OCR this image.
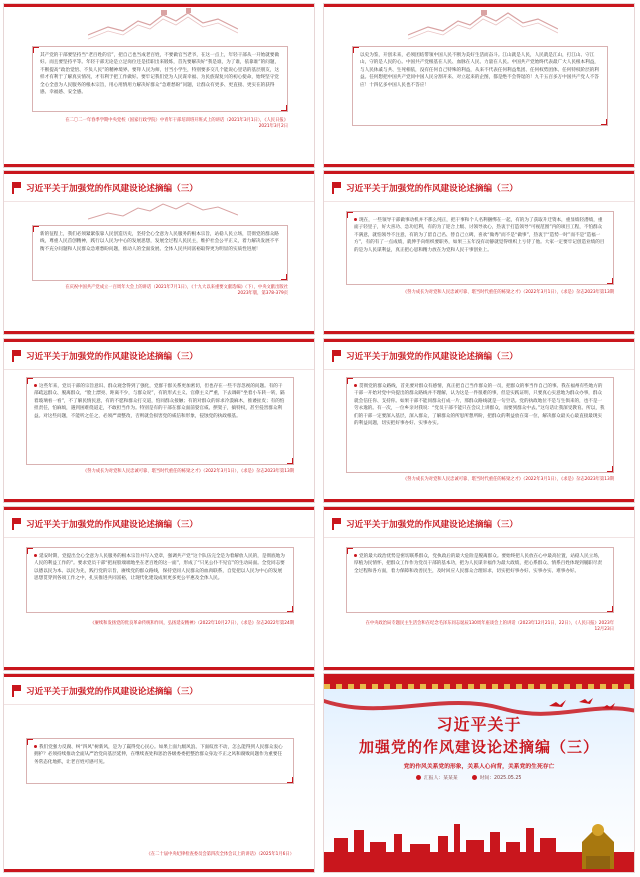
其产党的干部要坚持当“老百姓的官”，把自己也当成老百姓，不要做官当老爷，在这一点上，年轻干部从一开始就要做好。而且要坚持平等。年轻干部无论是立足岗位还是挂职出来锻炼，首先要解决好“我是谁，为了谁，依靠谁”的问题，不断提高“政治觉悟、不负人民”的精神境界。要拜人民为师，甘当小学生，特别要多交几个能说心里话的基层朋友，这样才有利于了解真实情况，才有利于把工作做好。要牢记我们党为人民谋幸福、为民族谋复兴的初心使命，始终坚守党全心全意为人民服务的根本宗旨，用心用情用力解决好群众“急难愁盼”问题，让群众有更多、更直接、更实在的获得感、幸福感、安全感。
在二〇二一年春季学期中央党校（国家行政学院）中青年干部培训班开班式上的讲话（2021年3月1日），《人民日报》2021年3月2日
以史为鉴，开创未来，必须团结带领中国人民不断为美好生活而奋斗。江山就是人民，人民就是江山，打江山、守江山，守的是人民的心。中国共产党根基在人民、血脉在人民、力量在人民。中国共产党始终代表最广大人民根本利益，与人民休戚与共、生死相依，没有任何自己特殊的利益，从来不代表任何利益集团、任何权势团体、任何特权阶层的利益。任何想把中国共产党同中国人民分割开来、对立起来的企图，都是绝不会得逞的！九千五百多万中国共产党人不答应！十四亿多中国人民也不答应！
习近平关于加强党的作风建设论述摘编（三）
新的征程上，我们必须紧紧依靠人民创造历史，坚持全心全意为人民服务的根本宗旨，站稳人民立场，贯彻党的群众路线，尊重人民首创精神，践行以人民为中心的发展思想，发展全过程人民民主，维护社会公平正义，着力解决发展不平衡不充分问题和人民群众急难愁盼问题，推动人的全面发展、全体人民共同富裕取得更为明显的实质性进展！
在庆祝中国共产党成立一百周年大会上的讲话（2021年7月1日），《十九大以来重要文献选编》（下），中央文献出版社2023年版，第378-379页
习近平关于加强党的作风建设论述摘编（三）
现在，一些领导干部做事动机并不那么纯正，把干事和个人名利捆绑在一起，有的为了获取升迁资本，重显绩轻潜绩，重面子轻里子，好大喜功、急功近利，有的为了迎合上级、讨领导欢心，热衷于打造领导“可视范围”内的项目工程，不怕群众不满意，就怕领导不注意，有的为了留自己名、替自己立碑，喜欢“做秀”而不是“做事”，热衷于“造势一时”而不是“造福一方”，有的有了一点成绩，就伸手向组织要职务，如果三五年没有动静就觉得组织上亏待了他。大家一定要牢记创造业绩的目的是为人民谋利益，真正把心思和精力放在为党和人民干事创业上。
《努力成长为对党和人民忠诚可靠、堪当时代重任的栋梁之才》（2022年3月1日），《求是》杂志2023年第13期
习近平关于加强党的作风建设论述摘编（三）
这些年来，党员干部的宗旨意识、群众观念得到了强化，党群干群关系更加密切，但也存在一些不容忽视的问题。有的干部疏远群众、脱离群众，“脸上漂亮、距离不少，与群众说”，有的形式主义、官僚主义严重，下去调研“坐着小车转一转，隔着玻璃看一看”，不了解民情民意，有的不愿和群众打交道，怕同群众接触；有的对群众的诉求冷漠麻木，推诿扯皮；有的怕担责任，怕麻烦，遇到困难绕道走，不敢担当作为。特别是有的干部在群众面前耍官威、摆架子，搞特权，甚至侵害群众利益。对这些问题，不能听之任之，必须严肃整改，否则就会损害党的威信和形象，侵蚀党的执政根基。
《努力成长为对党和人民忠诚可靠、堪当时代重任的栋梁之才》（2022年3月1日），《求是》杂志2023年第13期
习近平关于加强党的作风建设论述摘编（三）
贯彻党的群众路线，首先要对群众有感情，真正把自己当作群众的一员，把群众的事当作自己的事。我在福州有些地方的干部一开始对党中央提出的群众路线并不理解，认为这是一件很难的事，但是实践证明，只要真心实意地为群众办事，群众就会信任你、支持你。如果干部不能同群众打成一片，那群众路线就是一句空话。党的执政地位不是与生俱来的，也不是一劳永逸的。有一次，一位乡亲对我说：“党员干部不能只在会议上讲群众，而要到群众中去。”这句话让我深受教育。所以，我们的干部一定要深入基层，深入群众，了解群众的所思所想所盼，把群众的利益放在第一位，解决群众最关心最直接最现实的利益问题，切实把好事办好、实事办实。
《努力成长为对党和人民忠诚可靠、堪当时代重任的栋梁之才》（2022年3月1日），《求是》杂志2023年第13期
习近平关于加强党的作风建设论述摘编（三）
延安时期，党提出全心全意为人民服务的根本宗旨并写入党章，强调共产党“这个队伍完全是为着解放人民的，是彻底地为人民的利益工作的”。要求党员干部“把屁股端端地坐在老百姓的这一面”，形成了“只见公仆不见官”的生动局面。全党同志要以德以民为本、以民为先，践行党的宗旨，赓续党的群众路线，保持党同人民群众的血肉联系，自觉把以人民为中心的发展思想贯穿到各项工作之中，扎实推进共同富裕，让现代化建设成果更多更公平惠及全体人民。
《赓续和发扬党的优良革命传统和作风，弘扬延安精神》（2022年10月27日），《求是》杂志2022年第24期
习近平关于加强党的作风建设论述摘编（三）
党的最大政治优势是密切联系群众，党执政后的最大危险是脱离群众。要始终把人民放在心中最高位置，站稳人民立场，厚植为民情怀，把群众工作作为党员干部的基本功，把为人民谋幸福作为最大政绩，把心系群众、情系百姓体现到履职尽责全过程和各方面，着力保障和改善民生，及时回应人民群众合理诉求，切实把好事办好、实事办实、难事办好。
在中央政治局专题民主生活会和在纪念毛泽东同志诞辰130周年座谈会上的讲话（2023年12月21日、22日），《人民日报》2023年12月23日
习近平关于加强党的作风建设论述摘编（三）
我们党强力反腐、纠“四风”树新风，是为了赢得党心民心。如果上面九级风浪、下面纹丝不动，怎么能得到人民群众衷心拥护？必须持续推动全面从严治党向基层延伸，在继续查处和惩治各级委委把整治群众身边不正之风和腐败问题作为重要任务常态化地抓，让老百姓可感可见。
《在二十届中央纪律检查委员会第四次全体会议上的讲话》（2025年1月6日）
习近平关于
加强党的作风建设论述摘编（三）
党的作风关系党的形象，关系人心向背，关系党的生死存亡
汇报人：某某某	时间：2025.05.25
